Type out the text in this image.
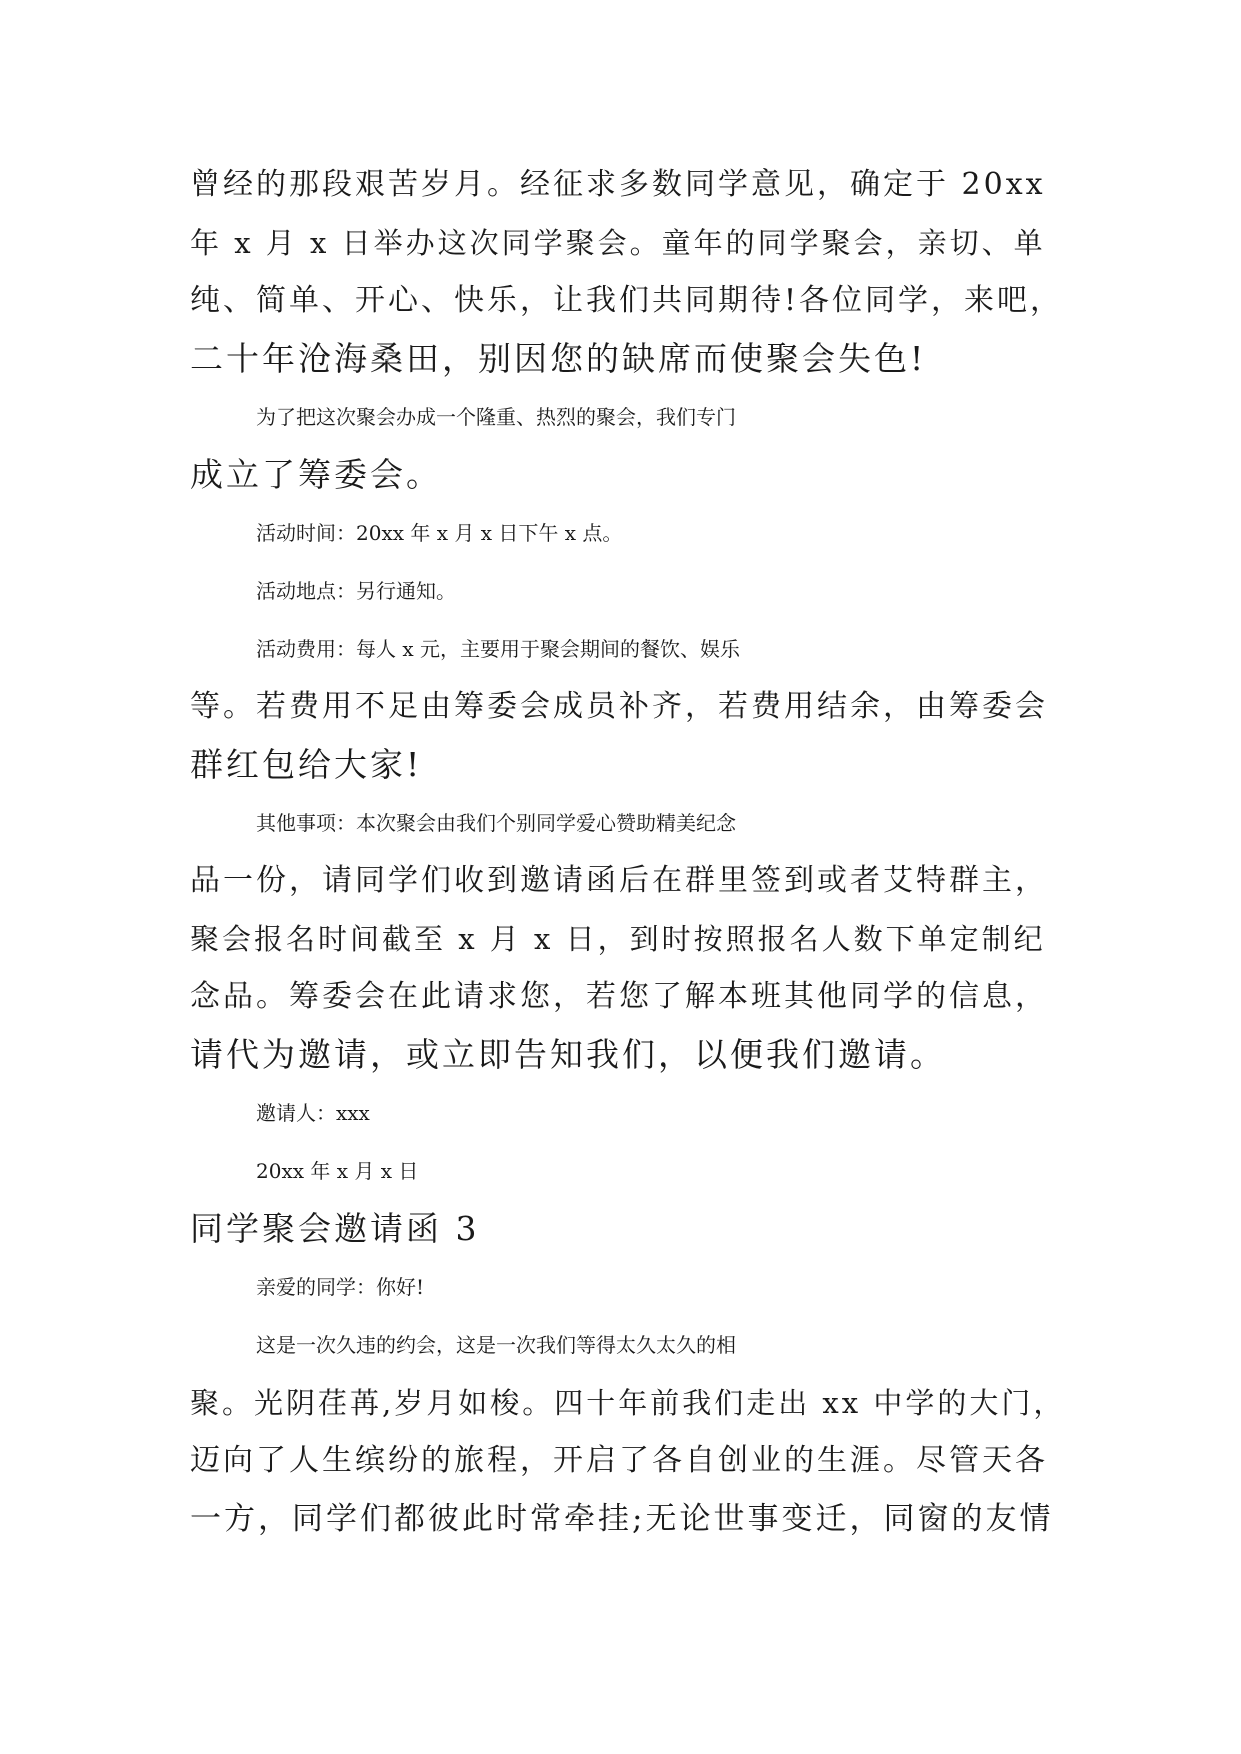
曾经的那段艰苦岁月。经征求多数同学意见，确定于 20xx
年 x 月 x 日举办这次同学聚会。童年的同学聚会，亲切、单
纯、简单、开心、快乐，让我们共同期待!各位同学，来吧，
二十年沧海桑田，别因您的缺席而使聚会失色!
为了把这次聚会办成一个隆重、热烈的聚会，我们专门
成立了筹委会。
活动时间：20xx 年 x 月 x 日下午 x 点。
活动地点：另行通知。
活动费用：每人 x 元，主要用于聚会期间的餐饮、娱乐
等。若费用不足由筹委会成员补齐，若费用结余，由筹委会
群红包给大家!
其他事项：本次聚会由我们个别同学爱心赞助精美纪念
品一份，请同学们收到邀请函后在群里签到或者艾特群主，
聚会报名时间截至 x 月 x 日，到时按照报名人数下单定制纪
念品。筹委会在此请求您，若您了解本班其他同学的信息，
请代为邀请，或立即告知我们，以便我们邀请。
邀请人：xxx
20xx 年 x 月 x 日
同学聚会邀请函 3
亲爱的同学：你好!
这是一次久违的约会，这是一次我们等得太久太久的相
聚。光阴荏苒,岁月如梭。四十年前我们走出 xx 中学的大门，
迈向了人生缤纷的旅程，开启了各自创业的生涯。尽管天各
一方，同学们都彼此时常牵挂;无论世事变迁，同窗的友情
